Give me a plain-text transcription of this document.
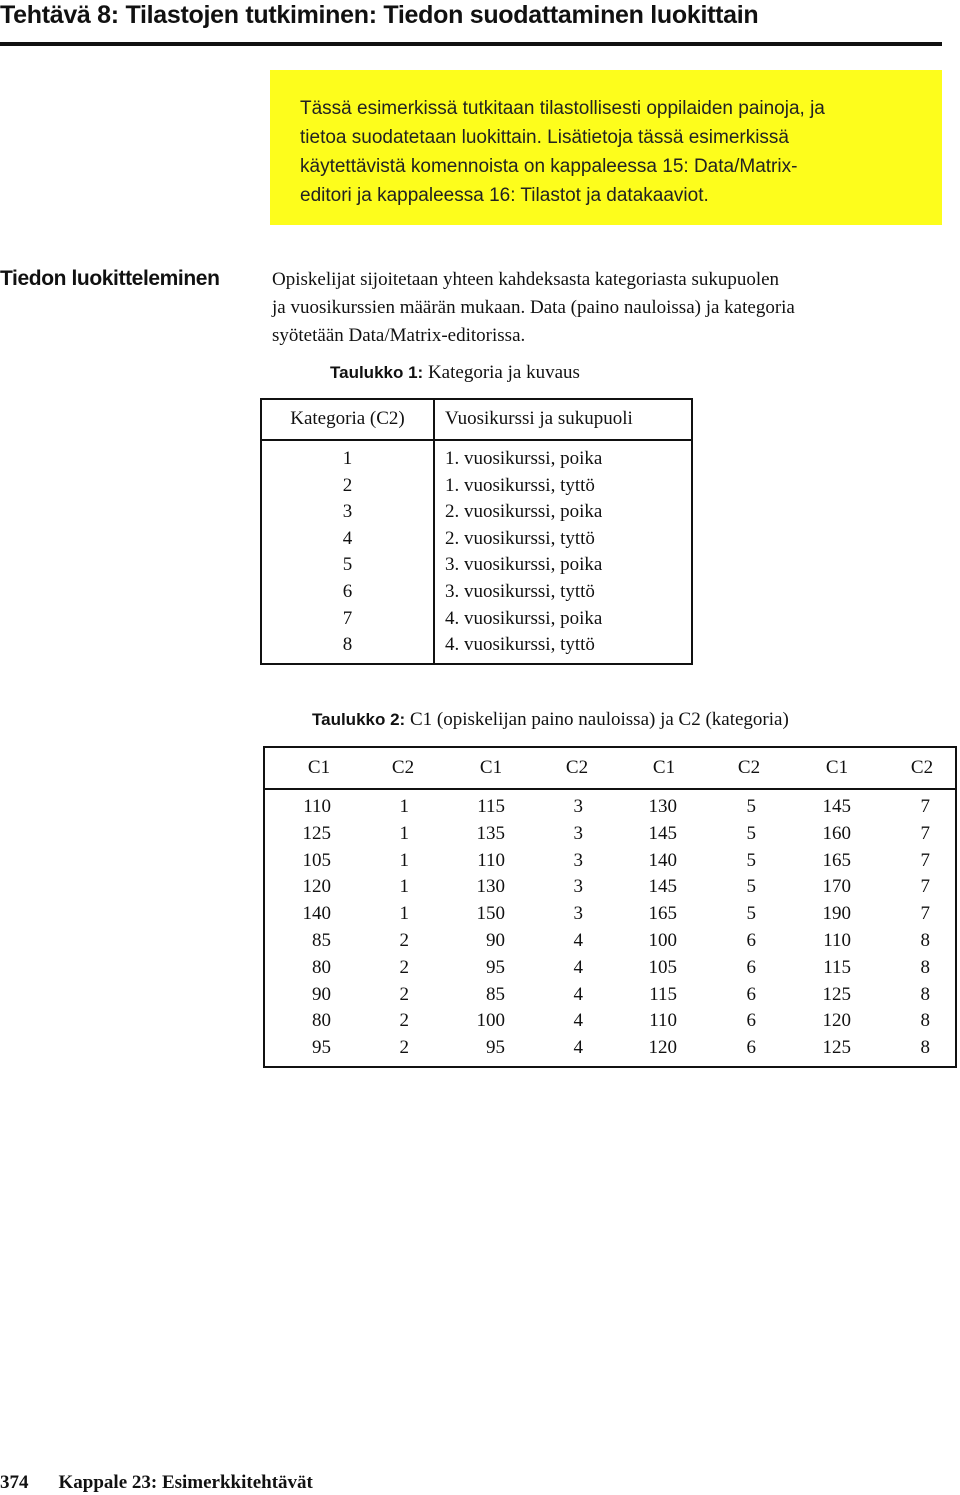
Tehtävä 8: Tilastojen tutkiminen: Tiedon suodattaminen luokittain

Tässä esimerkissä tutkitaan tilastollisesti oppilaiden painoja, ja

tietoa suodatetaan luokittain. Lisätietoja tässä esimerkissä

käytettävistä komennoista on kappaleessa 15: Data/Matrix-

editori ja kappaleessa 16: Tilastot ja datakaaviot.

Tiedon luokitteleminen	Opiskelijat sijoitetaan yhteen kahdeksasta kategoriasta sukupuolen
ja vuosikurssien määrän mukaan. Data (paino nauloissa) ja kategoria
syötetään Data/Matrix-editorissa.
Taulukko 1: Kategoria ja kuvaus
Kategoria (C2)	Vuosikurssi ja sukupuoli
1	1. vuosikurssi, poika
2	1. vuosikurssi, tyttö
3	2. vuosikurssi, poika
4	2. vuosikurssi, tyttö
5	3. vuosikurssi, poika
6	3. vuosikurssi, tyttö
7	4. vuosikurssi, poika
8	4. vuosikurssi, tyttö
Taulukko 2: C1 (opiskelijan paino nauloissa) ja C2 (kategoria)
C1	C2	C1	C2	C1	C2	C1	C2
110	1	115	3	130	5	145	7
125	1	135	3	145	5	160	7
105	1	110	3	140	5	165	7
120	1	130	3	145	5	170	7
140	1	150	3	165	5	190	7
85	2	90	4	100	6	110	8
80	2	95	4	105	6	115	8
90	2	85	4	115	6	125	8
80	2	100	4	110	6	120	8
95	2	95	4	120	6	125	8
374 Kappale 23: Esimerkkitehtävät
